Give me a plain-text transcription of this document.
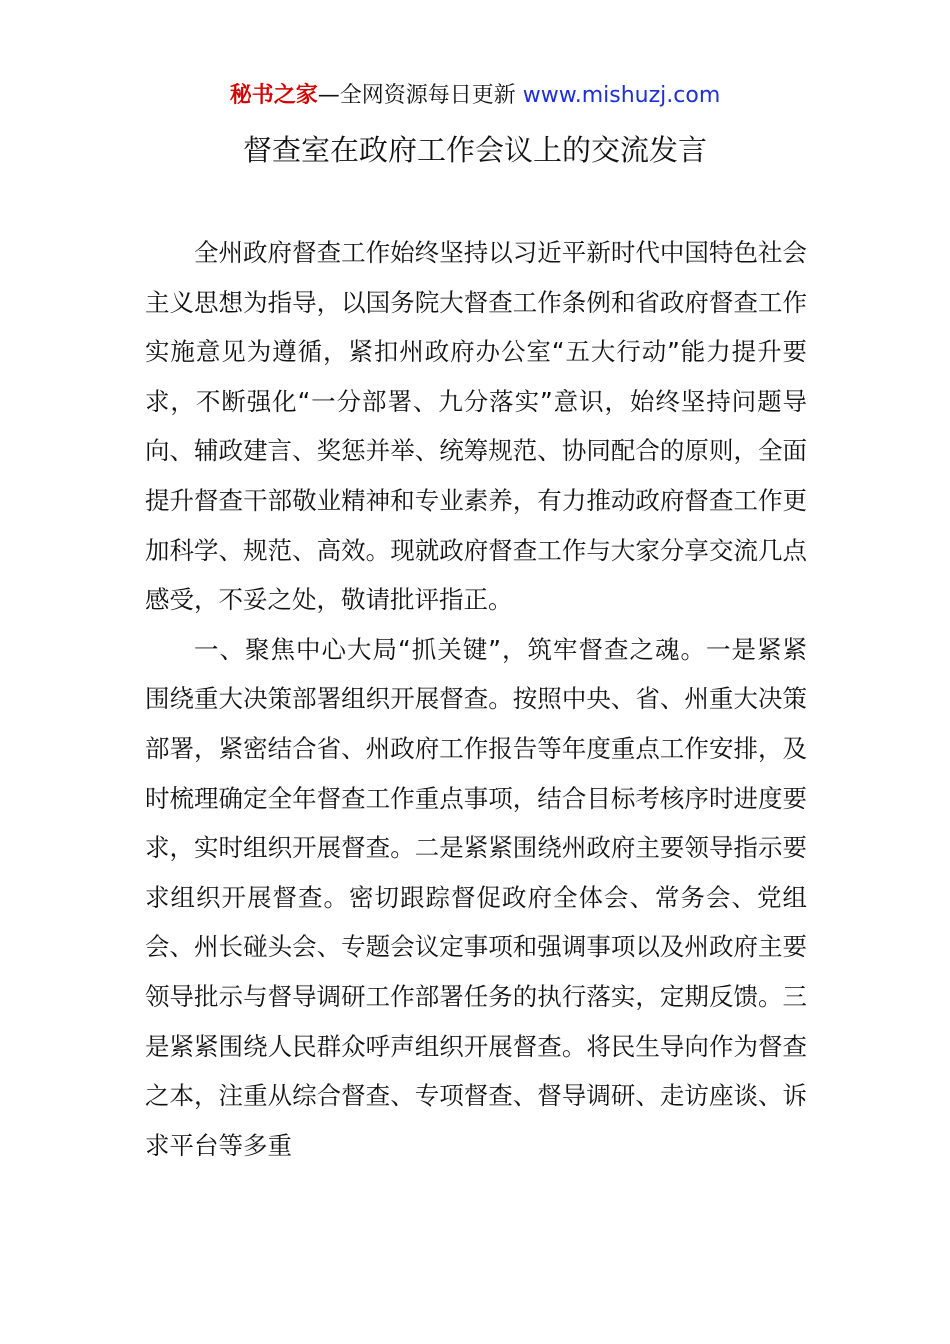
秘书之家—全网资源每日更新 www.mishuzj.com
督查室在政府工作会议上的交流发言

全州政府督查工作始终坚持以习近平新时代中国特色社会主义思想为指导，以国务院大督查工作条例和省政府督查工作实施意见为遵循，紧扣州政府办公室“五大行动”能力提升要求，不断强化“一分部署、九分落实”意识，始终坚持问题导向、辅政建言、奖惩并举、统筹规范、协同配合的原则，全面提升督查干部敬业精神和专业素养，有力推动政府督查工作更加科学、规范、高效。现就政府督查工作与大家分享交流几点感受，不妥之处，敬请批评指正。

一、聚焦中心大局“抓关键”，筑牢督查之魂。一是紧紧围绕重大决策部署组织开展督查。按照中央、省、州重大决策部署，紧密结合省、州政府工作报告等年度重点工作安排，及时梳理确定全年督查工作重点事项，结合目标考核序时进度要求，实时组织开展督查。二是紧紧围绕州政府主要领导指示要求组织开展督查。密切跟踪督促政府全体会、常务会、党组会、州长碰头会、专题会议定事项和强调事项以及州政府主要领导批示与督导调研工作部署任务的执行落实，定期反馈。三是紧紧围绕人民群众呼声组织开展督查。将民生导向作为督查之本，注重从综合督查、专项督查、督导调研、走访座谈、诉求平台等多重
